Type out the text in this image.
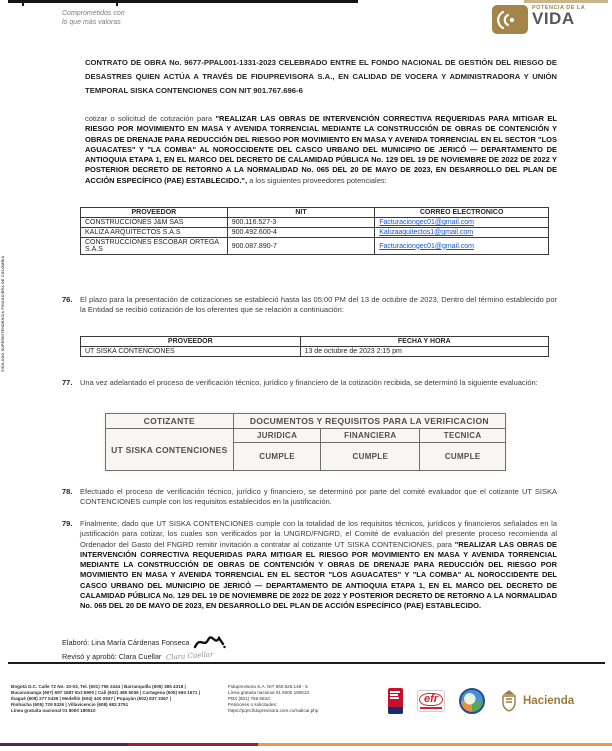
Comprometidos con
lo que más valoras
POTENCIA DE LA
VIDA
CONTRATO DE OBRA No. 9677-PPAL001-1331-2023 CELEBRADO ENTRE EL FONDO NACIONAL DE GESTIÓN DEL RIESGO DE DESASTRES QUIEN ACTÚA A TRAVÉS DE FIDUPREVISORA S.A., EN CALIDAD DE VOCERA Y ADMINISTRADORA Y UNIÓN TEMPORAL SISKA CONTENCIONES CON NIT 901.767.696-6
cotizar o solicitud de cotización para "REALIZAR LAS OBRAS DE INTERVENCIÓN CORRECTIVA REQUERIDAS PARA MITIGAR EL RIESGO POR MOVIMIENTO EN MASA Y AVENIDA TORRENCIAL MEDIANTE LA CONSTRUCCIÓN DE OBRAS DE CONTENCIÓN Y OBRAS DE DRENAJE PARA REDUCCIÓN DEL RIESGO POR MOVIMIENTO EN MASA Y AVENIDA TORRENCIAL EN EL SECTOR "LOS AGUACATES" Y "LA COMBA" AL NOROCCIDENTE DEL CASCO URBANO DEL MUNICIPIO DE JERICÓ — DEPARTAMENTO DE ANTIOQUIA ETAPA 1, EN EL MARCO DEL DECRETO DE CALAMIDAD PÚBLICA No. 129 DEL 19 DE NOVIEMBRE DE 2022 DE 2022 Y POSTERIOR DECRETO DE RETORNO A LA NORMALIDAD No. 065 DEL 20 DE MAYO DE 2023, EN DESARROLLO DEL PLAN DE ACCIÓN ESPECÍFICO (PAE) ESTABLECIDO.", a los siguientes proveedores potenciales:
PROVEEDOR	NIT	CORREO ELECTRONICO
CONSTRUCCIONES J&M SAS	900.116.527-3	Facturaciongec01@gmail.com
KALIZA ARQUITECTOS S.A.S	900.492.600-4	Kalizaaquitectos1@gmail.com
CONSTRUCCIONES ESCOBAR ORTEGA S.A.S	900.087.890-7	Facturaciongec01@gmail.com
76. El plazo para la presentación de cotizaciones se estableció hasta las 05:00 PM del 13 de octubre de 2023, Dentro del término establecido por la Entidad se recibió cotización de los oferentes que se relación a continuación:
PROVEEDOR	FECHA Y HORA
UT SISKA CONTENCIONES	13 de octubre de 2023 2:15 pm
77. Una vez adelantado el proceso de verificación técnico, jurídico y financiero de la cotización recibida, se determinó la siguiente evaluación:
COTIZANTE	DOCUMENTOS Y REQUISITOS PARA LA VERIFICACION		
UT SISKA CONTENCIONES	JURIDICA	FINANCIERA	TECNICA
	CUMPLE	CUMPLE	CUMPLE
78. Efectuado el proceso de verificación técnico, jurídico y financiero, se determinó por parte del comité evaluador que el cotizante UT SISKA CONTENCIONES cumple con los requisitos establecidos en la justificación.
79. Finalmente, dado que UT SISKA CONTENCIONES cumple con la totalidad de los requisitos técnicos, jurídicos y financieros señalados en la justificación para cotizar, los cuales son verificados por la UNGRD/FNGRD, el Comité de evaluación del presente proceso recomienda al Ordenador del Gasto del FNGRD remitir invitación a contratar al cotizante UT SISKA CONTENCIONES, para "REALIZAR LAS OBRAS DE INTERVENCIÓN CORRECTIVA REQUERIDAS PARA MITIGAR EL RIESGO POR MOVIMIENTO EN MASA Y AVENIDA TORRENCIAL MEDIANTE LA CONSTRUCCIÓN DE OBRAS DE CONTENCIÓN Y OBRAS DE DRENAJE PARA REDUCCIÓN DEL RIESGO POR MOVIMIENTO EN MASA Y AVENIDA TORRENCIAL EN EL SECTOR "LOS AGUACATES" Y "LA COMBA" AL NOROCCIDENTE DEL CASCO URBANO DEL MUNICIPIO DE JERICÓ — DEPARTAMENTO DE ANTIOQUIA ETAPA 1, EN EL MARCO DEL DECRETO DE CALAMIDAD PÚBLICA No. 129 DEL 19 DE NOVIEMBRE DE 2022 DE 2022 Y POSTERIOR DECRETO DE RETORNO A LA NORMALIDAD No. 065 DEL 20 DE MAYO DE 2023, EN DESARROLLO DEL PLAN DE ACCIÓN ESPECÍFICO (PAE) ESTABLECIDO.
Elaboró: Lina María Cárdenas Fonseca
Revisó y aprobó: Clara Cuellar Clara Cuellar
VIGILADO SUPERINTENDENCIA FINANCIERA DE COLOMBIA
Bogotá D.C. Calle 72 No. 10-03, Tel. (601) 756 2444 | Barranquilla (605) 385 4318 |
Bucaramanga (607) 697 1687 Ext:5900 | Cali (602) 485 5036 | Cartagena (605) 693 1671 |
Ibagué (608) 277 0439 | Medellín (604) 340 0937 | Popayán (602) 837 3367 |
Riohacha (605) 729 5326 | Villavicencio (608) 682 3751
Línea gratuita nacional 01 8000 180510
Fiduprevisora S.A. NIT 860.525.148 - 5
Línea gratuita nacional 01 8000 180513
PBX (601) 756 6633
Peticiones o solicitudes:
https://pqrs.fiduprevisora.com.co/radicar.php
efr	Hacienda
